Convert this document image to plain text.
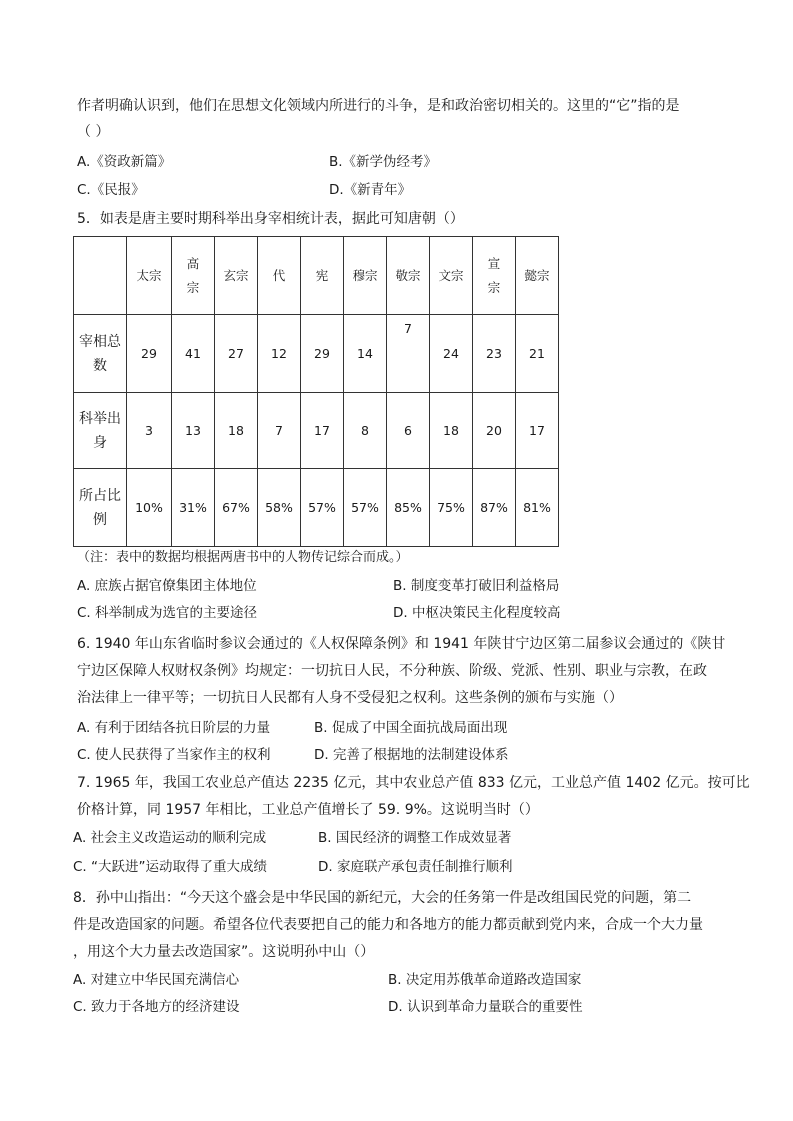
作者明确认识到，他们在思想文化领域内所进行的斗争，是和政治密切相关的。这里的“它”指的是
（ ）
A.《资政新篇》	B.《新学伪经考》
C.《民报》	D.《新青年》
5．如表是唐主要时期科举出身宰相统计表，据此可知唐朝（）
	太宗	高
宗	玄宗	代	宪	穆宗	敬宗	文宗	宣
宗	懿宗
宰相总
数	29	41	27	12	29	14	7	24	23	21
科举出
身	3	13	18	7	17	8	6	18	20	17
所占比
例	10%	31%	67%	58%	57%	57%	85%	75%	87%	81%
（注：表中的数据均根据两唐书中的人物传记综合而成。）
A. 庶族占据官僚集团主体地位	B. 制度变革打破旧利益格局
C. 科举制成为选官的主要途径	D. 中枢决策民主化程度较高
6. 1940 年山东省临时参议会通过的《人权保障条例》和 1941 年陕甘宁边区第二届参议会通过的《陕甘
宁边区保障人权财权条例》均规定：一切抗日人民，不分种族、阶级、党派、性别、职业与宗教，在政
治法律上一律平等；一切抗日人民都有人身不受侵犯之权利。这些条例的颁布与实施（）
A. 有利于团结各抗日阶层的力量	B. 促成了中国全面抗战局面出现
C. 使人民获得了当家作主的权利	D. 完善了根据地的法制建设体系
7. 1965 年，我国工农业总产值达 2235 亿元，其中农业总产值 833 亿元，工业总产值 1402 亿元。按可比
价格计算，同 1957 年相比，工业总产值增长了 59. 9%。这说明当时（）
A. 社会主义改造运动的顺利完成	B. 国民经济的调整工作成效显著
C. “大跃进”运动取得了重大成绩	D. 家庭联产承包责任制推行顺利
8．孙中山指出：“今天这个盛会是中华民国的新纪元，大会的任务第一件是改组国民党的问题，第二
件是改造国家的问题。希望各位代表要把自己的能力和各地方的能力都贡献到党内来，合成一个大力量
，用这个大力量去改造国家”。这说明孙中山（）
A. 对建立中华民国充满信心	B. 决定用苏俄革命道路改造国家
C. 致力于各地方的经济建设	D. 认识到革命力量联合的重要性
